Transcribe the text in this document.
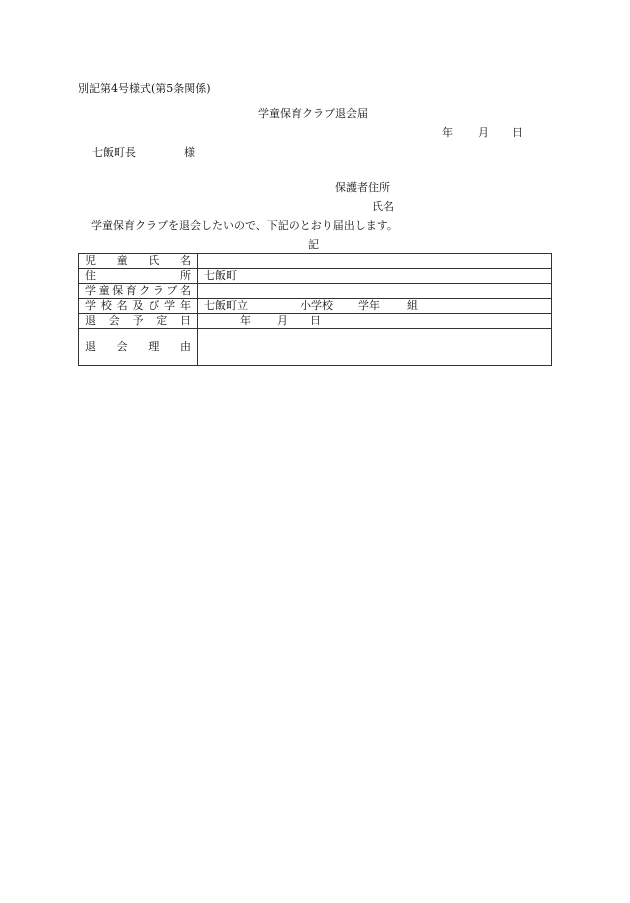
別記第4号様式(第5条関係)
学童保育クラブ退会届
年 月 日
七飯町長	様
保護者住所
氏名
学童保育クラブを退会したいので、下記のとおり届出します。
記
児童氏名	
住所	七飯町
学童保育クラブ名	
学校名及び学年	七飯町立 小学校 学年 組
退会予定日	年 月 日
退会理由	
